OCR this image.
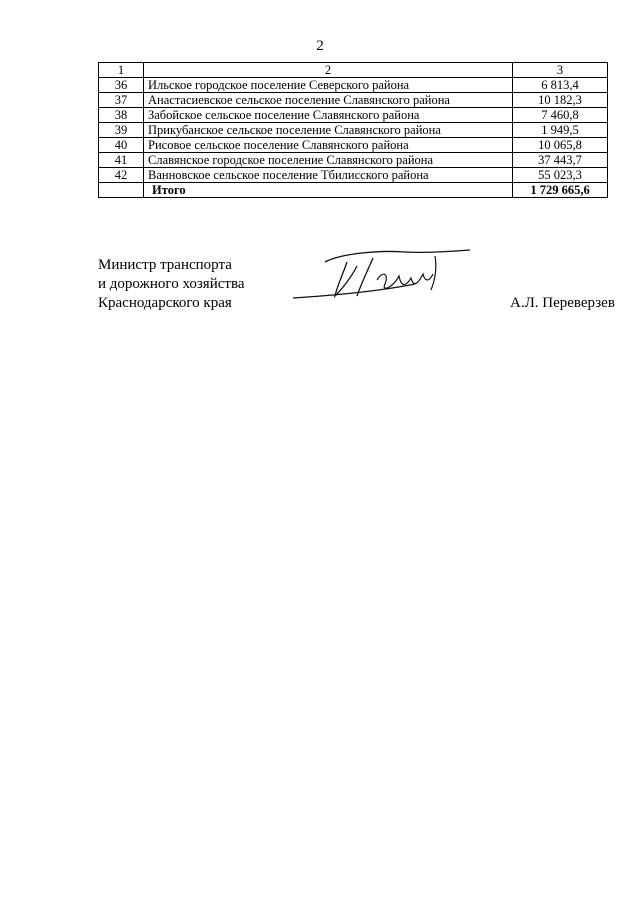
2
1	2	3
36	Ильское городское поселение Северского района	6 813,4
37	Анастасиевское сельское поселение Славянского района	10 182,3
38	Забойское сельское поселение Славянского района	7 460,8
39	Прикубанское сельское поселение Славянского района	1 949,5
40	Рисовое сельское поселение Славянского района	10 065,8
41	Славянское городское поселение Славянского района	37 443,7
42	Ванновское сельское поселение Тбилисского района	55 023,3
	Итого	1 729 665,6
Министр транспорта
и дорожного хозяйства
Краснодарского края	А.Л. Переверзев
